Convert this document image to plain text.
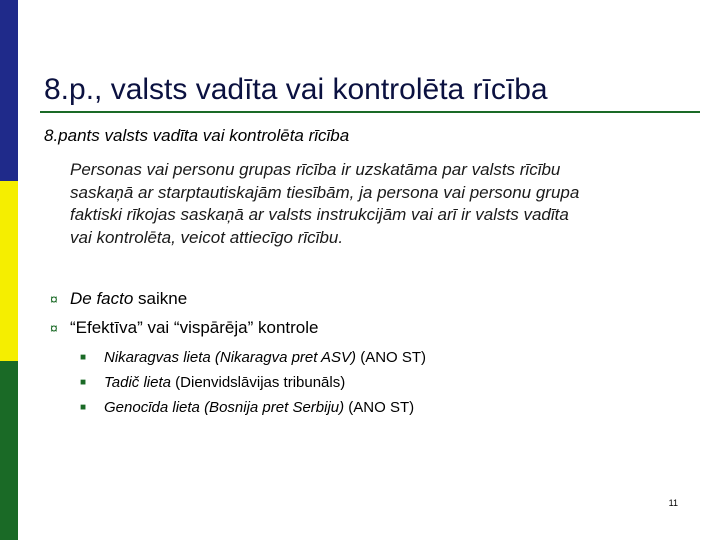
8.p., valsts vadīta vai kontrolēta rīcība
8.pants valsts vadīta vai kontrolēta rīcība
Personas vai personu grupas rīcība ir uzskatāma par valsts rīcību
saskaņā ar starptautiskajām tiesībām, ja persona vai personu grupa
faktiski rīkojas saskaņā ar valsts instrukcijām vai arī ir valsts vadīta
vai kontrolēta, veicot attiecīgo rīcību.
¤ De facto saikne
¤ “Efektīva” vai “vispārēja” kontrole
■	Nikaragvas lieta (Nikaragva pret ASV) (ANO ST)
■	Tadič lieta (Dienvidslāvijas tribunāls)
■	Genocīda lieta (Bosnija pret Serbiju) (ANO ST)
11
